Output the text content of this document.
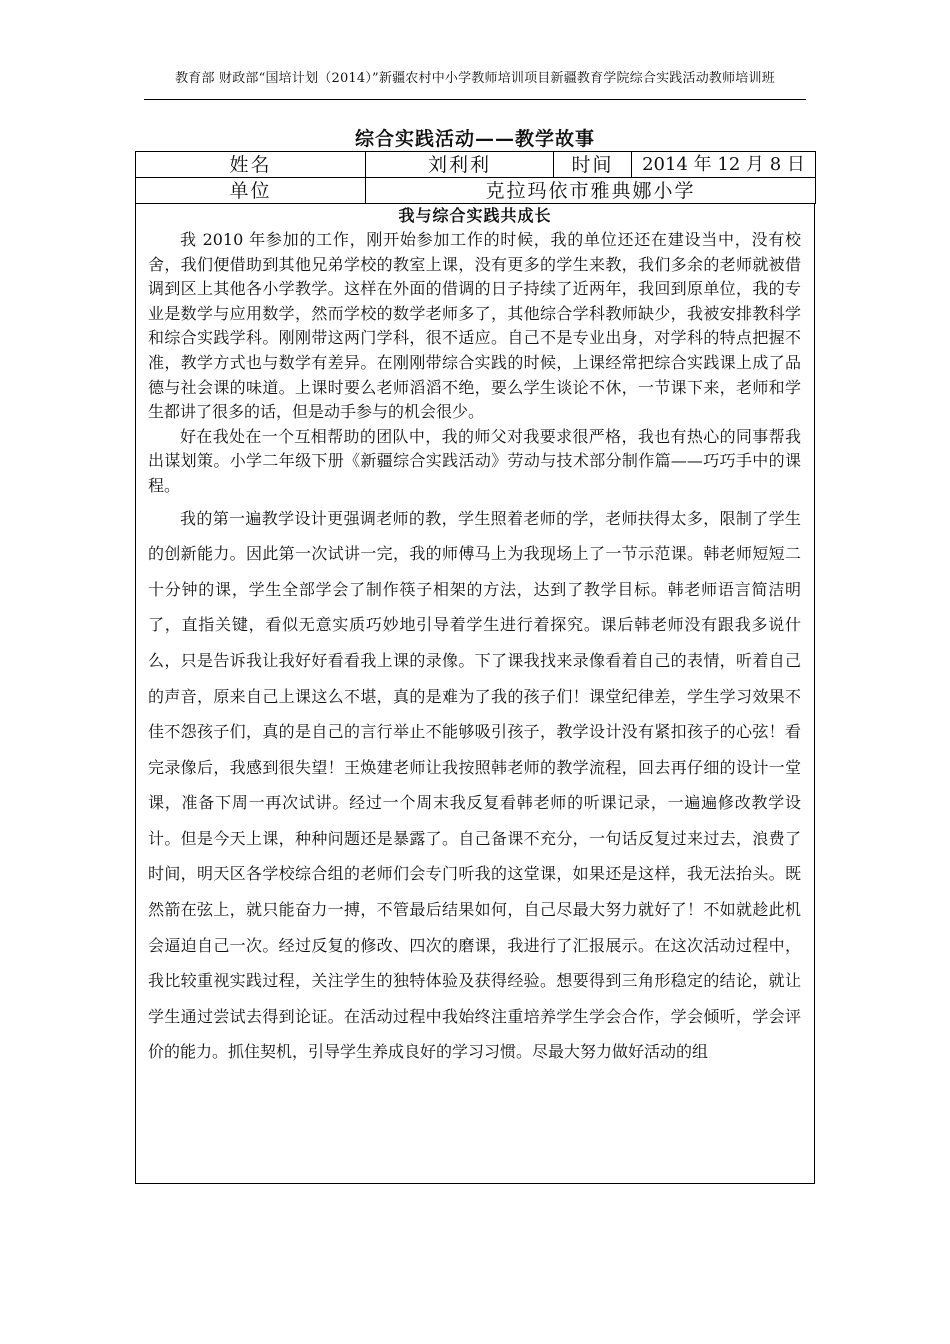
教育部 财政部“国培计划（2014）”新疆农村中小学教师培训项目新疆教育学院综合实践活动教师培训班
综合实践活动——教学故事
姓名	刘利利	时间	2014 年 12 月 8 日
单位	克拉玛依市雅典娜小学		
我与综合实践共成长

我 2010 年参加的工作，刚开始参加工作的时候，我的单位还还在建设当中，没有校舍，我们便借助到其他兄弟学校的教室上课，没有更多的学生来教，我们多余的老师就被借调到区上其他各小学教学。这样在外面的借调的日子持续了近两年，我回到原单位，我的专业是数学与应用数学，然而学校的数学老师多了，其他综合学科教师缺少，我被安排教科学和综合实践学科。刚刚带这两门学科，很不适应。自己不是专业出身，对学科的特点把握不准，教学方式也与数学有差异。在刚刚带综合实践的时候，上课经常把综合实践课上成了品德与社会课的味道。上课时要么老师滔滔不绝，要么学生谈论不休，一节课下来，老师和学生都讲了很多的话，但是动手参与的机会很少。

好在我处在一个互相帮助的团队中，我的师父对我要求很严格，我也有热心的同事帮我出谋划策。小学二年级下册《新疆综合实践活动》劳动与技术部分制作篇——巧巧手中的课程。

我的第一遍教学设计更强调老师的教，学生照着老师的学，老师扶得太多，限制了学生的创新能力。因此第一次试讲一完，我的师傅马上为我现场上了一节示范课。韩老师短短二十分钟的课，学生全部学会了制作筷子相架的方法，达到了教学目标。韩老师语言简洁明了，直指关键，看似无意实质巧妙地引导着学生进行着探究。课后韩老师没有跟我多说什么，只是告诉我让我好好看看我上课的录像。下了课我找来录像看着自己的表情，听着自己的声音，原来自己上课这么不堪，真的是难为了我的孩子们！课堂纪律差，学生学习效果不佳不怨孩子们，真的是自己的言行举止不能够吸引孩子，教学设计没有紧扣孩子的心弦！看完录像后，我感到很失望！王焕建老师让我按照韩老师的教学流程，回去再仔细的设计一堂课，准备下周一再次试讲。经过一个周末我反复看韩老师的听课记录，一遍遍修改教学设计。但是今天上课，种种问题还是暴露了。自己备课不充分，一句话反复过来过去，浪费了时间，明天区各学校综合组的老师们会专门听我的这堂课，如果还是这样，我无法抬头。既然箭在弦上，就只能奋力一搏，不管最后结果如何，自己尽最大努力就好了！不如就趁此机会逼迫自己一次。经过反复的修改、四次的磨课，我进行了汇报展示。在这次活动过程中，我比较重视实践过程，关注学生的独特体验及获得经验。想要得到三角形稳定的结论，就让学生通过尝试去得到论证。在活动过程中我始终注重培养学生学会合作，学会倾听，学会评价的能力。抓住契机，引导学生养成良好的学习习惯。尽最大努力做好活动的组
